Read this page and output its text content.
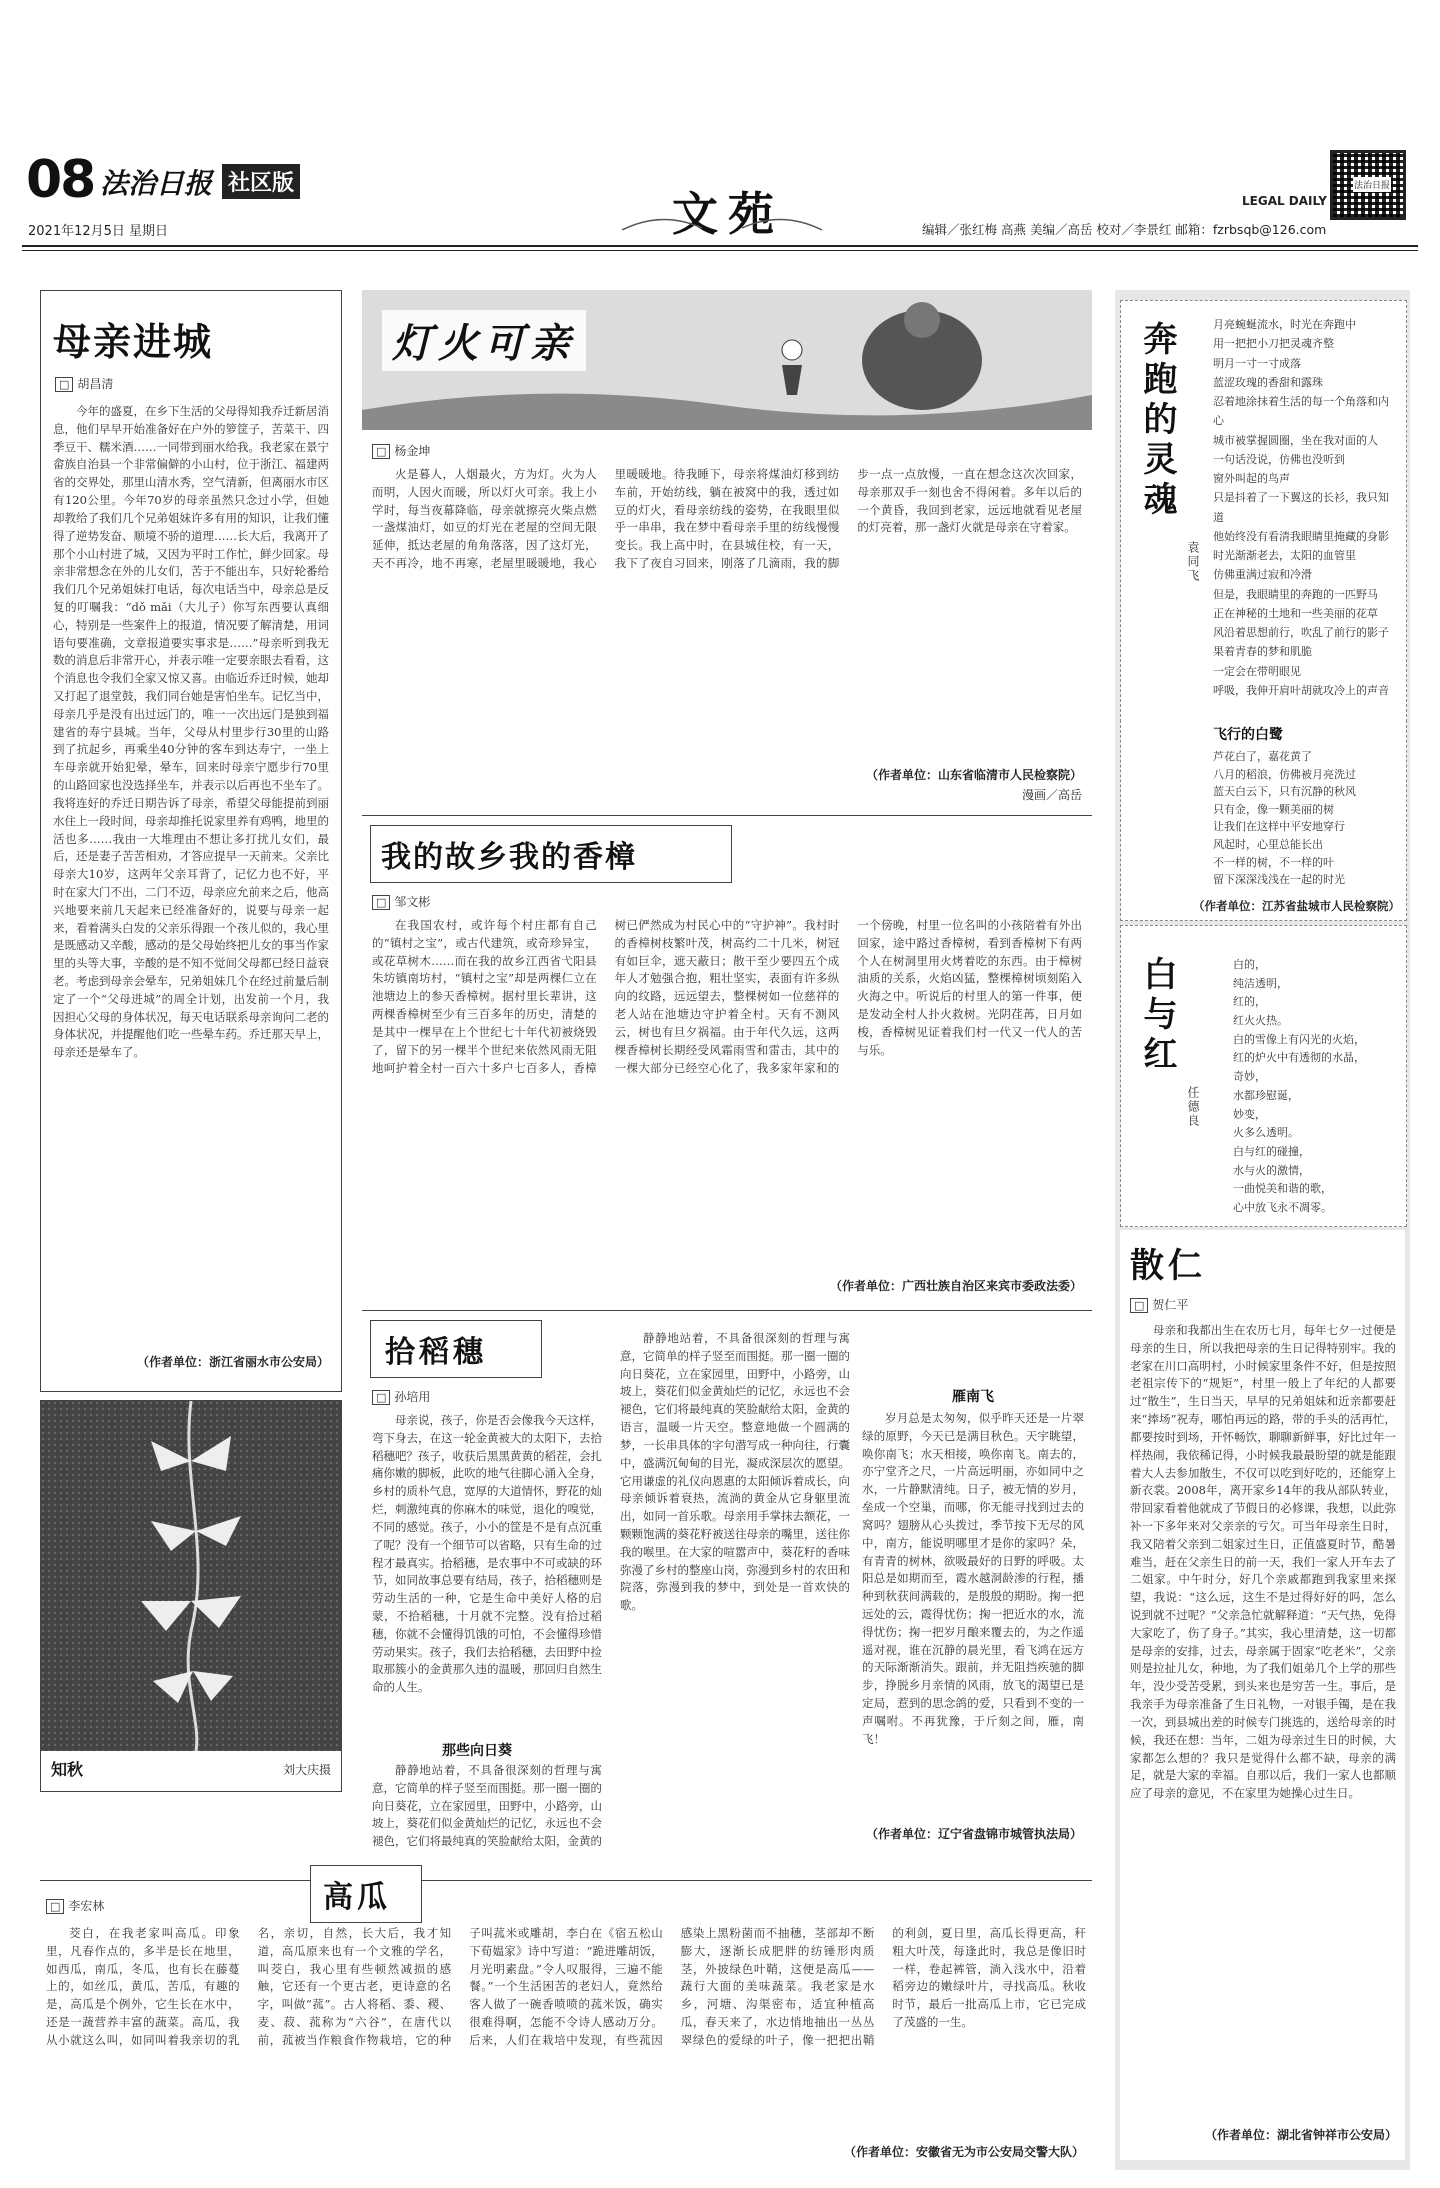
08 法治日报 社区版
2021年12月5日 星期日	文苑	LEGAL DAILY
编辑／张红梅 高燕 美编／高岳 校对／李景红 邮箱：fzrbsqb@126.com
法治日报
母亲进城
□ 胡昌清
今年的盛夏，在乡下生活的父母得知我乔迁新居消息，他们早早开始准备好在户外的箩筐子，苦菜干、四季豆干、糯米酒……一同带到丽水给我。我老家在景宁畲族自治县一个非常偏僻的小山村，位于浙江、福建两省的交界处，那里山清水秀，空气清新，但离丽水市区有120公里。今年70岁的母亲虽然只念过小学，但她却教给了我们几个兄弟姐妹许多有用的知识，让我们懂得了逆势发奋、顺境不骄的道理……长大后，我离开了那个小山村进了城，又因为平时工作忙，鲜少回家。母亲非常想念在外的儿女们，苦于不能出车，只好轮番给我们几个兄弟姐妹打电话，每次电话当中，母亲总是反复的叮嘱我：“dǒ mǎi（大儿子）你写东西要认真细心，特别是一些案件上的报道，情况要了解清楚，用词语句要准确，文章报道要实事求是……”母亲听到我无数的消息后非常开心，并表示唯一定要亲眼去看看，这个消息也令我们全家又惊又喜。由临近乔迁时候，她却又打起了退堂鼓，我们同台她是害怕坐车。记忆当中，母亲几乎是没有出过远门的，唯一一次出远门是独到福建省的寿宁县城。当年，父母从村里步行30里的山路到了抗起乡，再乘坐40分钟的客车到达寿宁，一坐上车母亲就开始犯晕，晕车，回来时母亲宁愿步行70里的山路回家也没选择坐车，并表示以后再也不坐车了。我将连好的乔迁日期告诉了母亲，希望父母能提前到丽水住上一段时间，母亲却推托说家里养有鸡鸭，地里的活也多……我由一大堆理由不想让多打扰儿女们，最后，还是妻子苦苦相劝，才答应提早一天前来。父亲比母亲大10岁，这两年父亲耳背了，记忆力也不好，平时在家大门不出，二门不迈，母亲应允前来之后，他高兴地要来前几天起来已经准备好的，说要与母亲一起来，看着满头白发的父亲乐得跟一个孩儿似的，我心里是既感动又辛酸，感动的是父母始终把儿女的事当作家里的头等大事，辛酸的是不知不觉间父母都已经日益衰老。考虑到母亲会晕车，兄弟姐妹几个在经过前量后制定了一个“父母进城”的周全计划，出发前一个月，我因担心父母的身体状况，每天电话联系母亲询问二老的身体状况，并提醒他们吃一些晕车药。乔迁那天早上，母亲还是晕车了。
（作者单位：浙江省丽水市公安局）
知秋	刘大庆摄
灯火可亲
□ 杨金坤
火是暮人，人烟最火，方为灯。火为人而明，人因火而暖，所以灯火可亲。我上小学时，每当夜幕降临，母亲就擦亮火柴点燃一盏煤油灯，如豆的灯光在老屋的空间无限延伸，抵达老屋的角角落落，因了这灯光，天不再冷，地不再寒，老屋里暖暖地，我心里暖暖地。待我睡下，母亲将煤油灯移到纺车前，开始纺线，躺在被窝中的我，透过如豆的灯火，看母亲纺线的姿势，在我眼里似乎一串串，我在梦中看母亲手里的纺线慢慢变长。我上高中时，在县城住校，有一天，我下了夜自习回来，刚落了几滴雨，我的脚步一点一点放慢，一直在想念这次次回家，母亲那双手一刻也舍不得闲着。多年以后的一个黄昏，我回到老家，远远地就看见老屋的灯亮着，那一盏灯火就是母亲在守着家。
（作者单位：山东省临清市人民检察院）
漫画／高岳
我的故乡我的香樟
□ 邹文彬
在我国农村，或许每个村庄都有自己的“镇村之宝”，或古代建筑，或奇珍异宝，或花草树木……而在我的故乡江西省弋阳县朱坊镇南坊村，“镇村之宝”却是两棵仁立在池塘边上的参天香樟树。据村里长辈讲，这两棵香樟树至少有三百多年的历史，清楚的是其中一棵早在上个世纪七十年代初被烧毁了，留下的另一棵半个世纪来依然风雨无阻地呵护着全村一百六十多户七百多人，香樟树已俨然成为村民心中的“守护神”。我村时的香樟树枝繁叶茂，树高约二十几米，树冠有如巨伞，遮天蔽日；散干至少要四五个成年人才勉强合抱，粗壮坚实，表面有许多纵向的纹路，远远望去，整棵树如一位慈祥的老人站在池塘边守护着全村。天有不测风云，树也有旦夕祸福。由于年代久远，这两棵香樟树长期经受风霜雨雪和雷击，其中的一棵大部分已经空心化了，我多家年家和的一个傍晚，村里一位名叫的小孩陪着有外出回家，途中路过香樟树，看到香樟树下有两个人在树洞里用火烤着吃的东西。由于樟树油质的关系，火焰凶猛，整棵樟树顷刻陷入火海之中。听说后的村里人的第一件事，便是发动全村人扑火救树。光阴荏苒，日月如梭，香樟树见证着我们村一代又一代人的苦与乐。
（作者单位：广西壮族自治区来宾市委政法委）
拾稻穗
□ 孙培用
母亲说，孩子，你是否会像我今天这样，弯下身去，在这一轮金黄被大的太阳下，去拾稻穗吧？孩子，收获后黑黑黄黄的稻茬，会扎痛你嫩的脚板，此吹的地气往脚心涌入全身，乡村的质朴气息，宽厚的大道情怀，野花的灿烂，刺激纯真的你麻木的味觉，退化的嗅觉，不同的感觉。孩子，小小的筐是不是有点沉重了呢？没有一个细节可以省略，只有生命的过程才最真实。拾稻穗，是农事中不可或缺的环节，如同故事总要有结局，孩子，拾稻穗则是劳动生活的一种，它是生命中美好人格的启蒙，不拾稻穗，十月就不完整。没有拾过稻穗，你就不会懂得饥饿的可怕，不会懂得珍惜劳动果实。孩子，我们去拾稻穗，去田野中捡取那簇小的金黄那久违的温暖，那回归自然生命的人生。
那些向日葵
静静地站着，不具备很深刻的哲理与寓意，它简单的样子竖至而围挺。那一圈一圈的向日葵花，立在家园里，田野中，小路旁，山坡上，葵花们似金黄灿烂的记忆，永远也不会褪色，它们将最纯真的笑脸献给太阳，金黄的
静静地站着，不具备很深刻的哲理与寓意，它简单的样子竖至而围挺。那一圈一圈的向日葵花，立在家园里，田野中，小路旁，山坡上，葵花们似金黄灿烂的记忆，永远也不会褪色，它们将最纯真的笑脸献给太阳，金黄的语言，温暖一片天空。整意地做一个圆满的梦，一长串具体的字句潜写成一种向往，行囊中，盛满沉甸甸的目光，凝成深层次的愿望。它用谦虚的礼仪向恩惠的太阳倾诉着成长，向母亲倾诉着衰热，流淌的黄金从它身躯里流出，如同一首乐歌。母亲用手掌抹去额花，一颗颗饱满的葵花籽被送往母亲的嘴里，送往你我的喉里。在大家的喧嚣声中，葵花籽的香味弥漫了乡村的整座山岗，弥漫到乡村的农田和院落，弥漫到我的梦中，到处是一首欢快的歌。
雁南飞
岁月总是太匆匆，似乎昨天还是一片翠绿的原野，今天已是满目秋色。天宇眺望，唤你南飞；水天相接，唤你南飞。南去的，亦宁堂齐之尺，一片高远明丽，亦如同中之水，一片静默清纯。日子，被无情的岁月，垒成一个空巢，而哪，你无能寻找到过去的窝吗？翅膀从心头拨过，季节按下无尽的风中，南方，能说明哪里才是你的家吗？朵，有青青的树林，欲吸最好的日野的呼吸。太阳总是如期而至，霞水越洞龄渗的行程，播种到秋获间满载的，是殷殷的期盼。掬一把远处的云，霞得忧伤；掬一把近水的水，流得忧伤；掬一把岁月酿来覆去的，为之作遥遥对视，谁在沉静的晨光里，看飞鸿在远方的天际渐渐消失。跟前，并无阻挡疾驰的脚步，挣脱乡月亲情的风雨，放飞的渴望已是定局，惹到的思念鸽的爱，只看到不变的一声嘱咐。不再犹豫，于斤刻之间，雁，南飞！
（作者单位：辽宁省盘锦市城管执法局）
高瓜
□ 李宏林
茭白，在我老家叫高瓜。印象里，凡春作点的，多半是长在地里，如西瓜，南瓜，冬瓜，也有长在藤蔓上的，如丝瓜，黄瓜，苦瓜，有趣的是，高瓜是个例外，它生长在水中，还是一蔬营养丰富的蔬菜。高瓜，我从小就这么叫，如同叫着我亲切的乳名，亲切，自然，长大后，我才知道，高瓜原来也有一个文雅的学名，叫茭白，我心里有些顿然减损的感触，它还有一个更古老，更诗意的名字，叫做“菰”。古人将稻、黍、稷、麦、菽、菰称为“六谷”，在唐代以前，菰被当作粮食作物栽培，它的种子叫菰米或雕胡，李白在《宿五松山下荀媪家》诗中写道：“跪进雕胡饭，月光明素盘。”令人叹服得，三遍不能餐。”一个生活困苦的老妇人，竟然给客人做了一碗香喷喷的菰米饭，确实很难得啊，怎能不令诗人感动万分。后来，人们在栽培中发现，有些菰因感染上黑粉菌而不抽穗，茎部却不断膨大，逐渐长成肥胖的纺锤形肉质茎，外披绿色叶鞘，这便是高瓜——蔬行大面的美味蔬菜。我老家是水乡，河塘、沟渠密布，适宜种植高瓜，春天来了，水边悄地抽出一丛丛翠绿色的爱绿的叶子，像一把把出鞘的利剑，夏日里，高瓜长得更高，秆粗大叶茂，每逢此时，我总是像旧时一样，卷起裤管，淌入浅水中，沿着稻旁边的嫩绿叶片，寻找高瓜。秋收时节，最后一批高瓜上市，它已完成了茂盛的一生。
（作者单位：安徽省无为市公安局交警大队）
奔跑的灵魂
袁同飞
月亮蜿蜒流水，时光在奔跑中
用一把把小刀把灵魂齐整
明月一寸一寸成落
蓝涩玫瑰的香甜和露珠
忍着地涂抹着生活的每一个角落和内心
城市被掌握圆圈，坐在我对面的人
一句话没说，仿佛也没听到
窗外叫起的鸟声
只是抖着了一下翼这的长衫，我只知道
他始终没有看清我眼睛里掩藏的身影
时光渐渐老去，太阳的血管里
仿佛重满过寂和冷滑
但是，我眼睛里的奔跑的一匹野马
正在神秘的土地和一些美丽的花草
风沿着思想前行，吹乱了前行的影子
果着青春的梦和肌脆
一定会在带明眼见
呼吸，我伸开肩叶胡就攻冷上的声音
飞行的白鹭
芦花白了，嘉花黄了
八月的稻浪，仿佛被月亮洗过
蓝天白云下，只有沉静的秋风
只有金，像一颗美丽的树
让我们在这样中平安地穿行
风起时，心里总能长出
不一样的树，不一样的叶
留下深深浅浅在一起的时光

（作者单位：江苏省盐城市人民检察院）
白与红
任德良
白的，
纯洁透明，
红的，
红火火热。
白的雪像上有闪光的火焰，
红的炉火中有透彻的水晶，
奇妙，
水都珍慰诞，
妙变，
火多么透明。
白与红的碰撞，
水与火的激情，
一曲悦美和谐的歌，
心中放飞永不凋零。
散仁
□ 贺仁平
母亲和我都出生在农历七月，每年七夕一过便是母亲的生日，所以我把母亲的生日记得特别牢。我的老家在川口高明村，小时候家里条件不好，但是按照老祖宗传下的“规矩”，村里一般上了年纪的人都要过“散生”，生日当天，早早的兄弟姐妹和近亲都要赶来“捧场”祝寿，哪怕再远的路，带的手头的活再忙，都要按时到场，开怀畅饮，聊聊新鲜事，好比过年一样热闹，我依稀记得，小时候我最最盼望的就是能跟着大人去参加散生，不仅可以吃到好吃的，还能穿上新衣裳。2008年，离开家乡14年的我从部队转业，带回家看着他就成了节假日的必修课，我想，以此弥补一下多年来对父亲亲的亏欠。可当年母亲生日时，我又陪着父亲到二姐家过生日，正值盛夏时节，酷暑难当，赶在父亲生日的前一天，我们一家人开车去了二姐家。中午时分，好几个亲戚都跑到我家里来探望，我说：“这么远，这生不是过得好好的吗，怎么说到就不过呢？”父亲急忙就解释道：“天气热，免得大家吃了，伤了身子。”其实，我心里清楚，这一切都是母亲的安排，过去，母亲属于固家“吃老米”，父亲则是拉扯儿女，种地，为了我们姐弟几个上学的那些年，没少受苦受累，到头来也是穷苦一生。事后，是我亲手为母亲准备了生日礼物，一对银手镯，是在我一次，到县城出差的时候专门挑选的，送给母亲的时候，我还在想：当年，二姐为母亲过生日的时候，大家都怎么想的？我只是觉得什么都不缺，母亲的满足，就是大家的幸福。自那以后，我们一家人也都顺应了母亲的意见，不在家里为她操心过生日。
（作者单位：湖北省钟祥市公安局）
